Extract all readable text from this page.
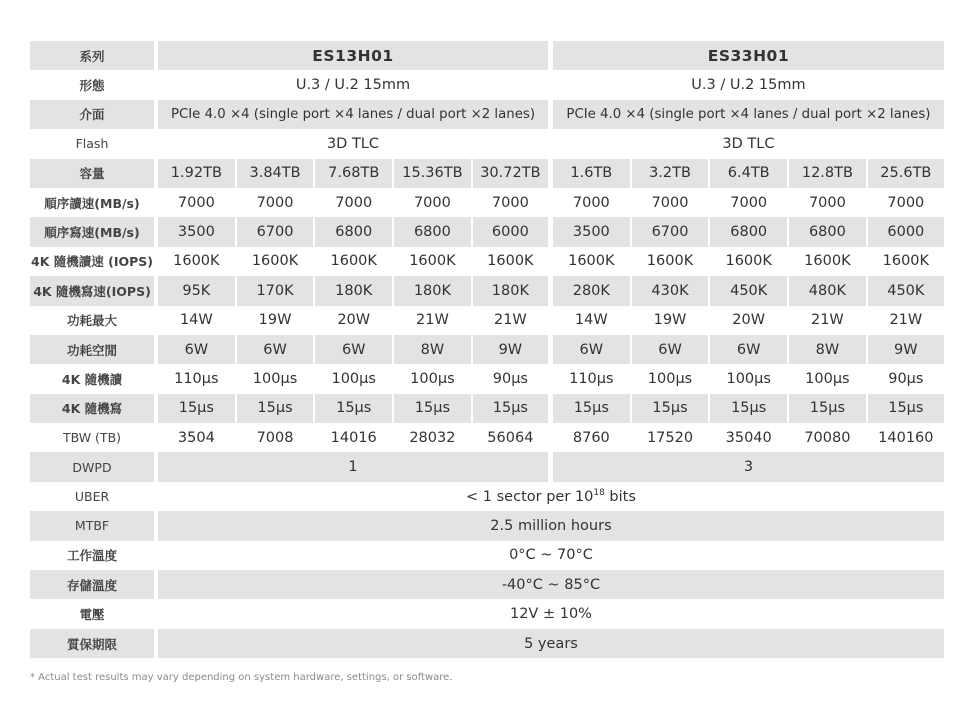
系列	ES13H01					ES33H01				
形態	U.3 / U.2 15mm					U.3 / U.2 15mm				
介面	PCIe 4.0 ×4 (single port ×4 lanes / dual port ×2 lanes)					PCIe 4.0 ×4 (single port ×4 lanes / dual port ×2 lanes)				
Flash	3D TLC					3D TLC				
容量	1.92TB	3.84TB	7.68TB	15.36TB	30.72TB	1.6TB	3.2TB	6.4TB	12.8TB	25.6TB
順序讀速(MB/s)	7000	7000	7000	7000	7000	7000	7000	7000	7000	7000
順序寫速(MB/s)	3500	6700	6800	6800	6000	3500	6700	6800	6800	6000
4K 隨機讀速 (IOPS)	1600K	1600K	1600K	1600K	1600K	1600K	1600K	1600K	1600K	1600K
4K 隨機寫速(IOPS)	95K	170K	180K	180K	180K	280K	430K	450K	480K	450K
功耗最大	14W	19W	20W	21W	21W	14W	19W	20W	21W	21W
功耗空閒	6W	6W	6W	8W	9W	6W	6W	6W	8W	9W
4K 隨機讀	110μs	100μs	100μs	100μs	90μs	110μs	100μs	100μs	100μs	90μs
4K 隨機寫	15μs	15μs	15μs	15μs	15μs	15μs	15μs	15μs	15μs	15μs
TBW (TB)	3504	7008	14016	28032	56064	8760	17520	35040	70080	140160
DWPD	1					3				
UBER	< 1 sector per $10^{18}$ bits									
MTBF	2.5 million hours									
工作溫度	0°C ~ 70°C									
存儲溫度	-40°C ~ 85°C									
電壓	12V ± 10%									
質保期限	5 years									
* Actual test results may vary depending on system hardware, settings, or software.
